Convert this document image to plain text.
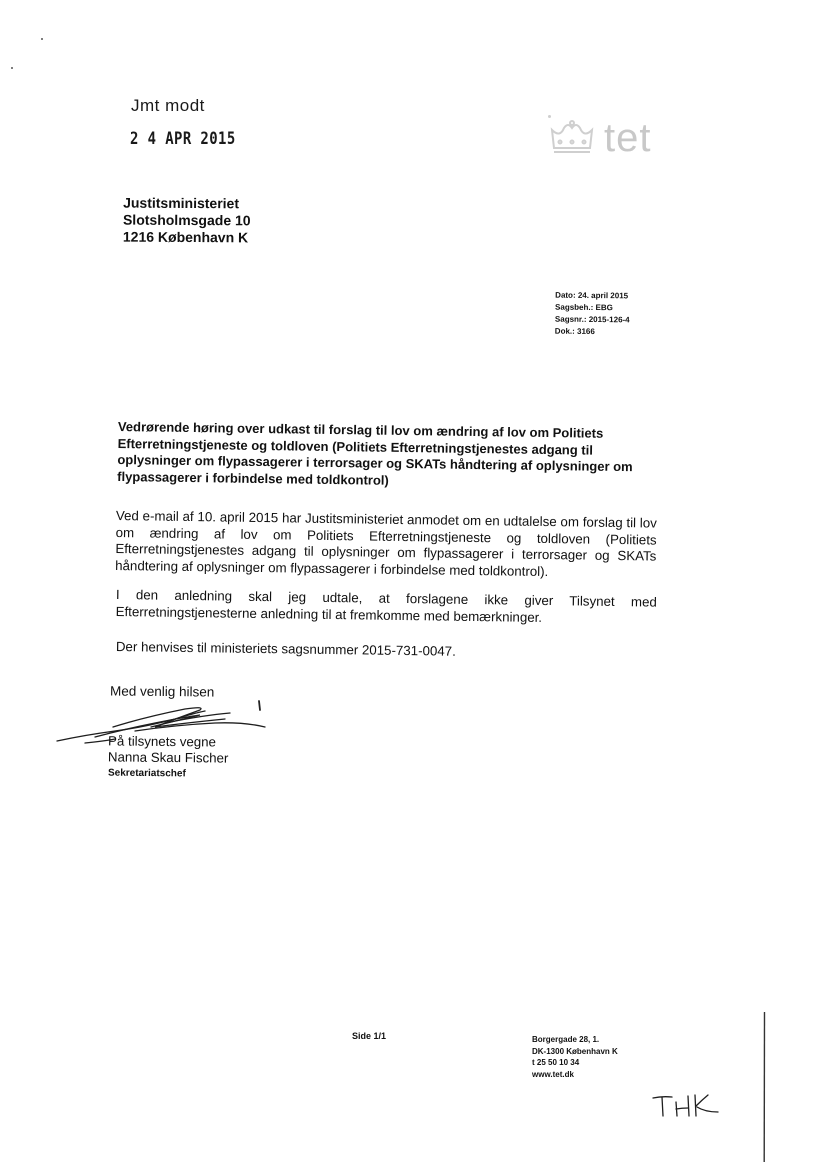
Jmt modt
2 4 APR 2015	tet
Justitsministeriet
Slotsholmsgade 10
1216 København K
Dato: 24. april 2015
Sagsbeh.: EBG
Sagsnr.: 2015-126-4
Dok.: 3166
Vedrørende høring over udkast til forslag til lov om ændring af lov om Politiets Efterretningstjeneste og toldloven (Politiets Efterretningstjenestes adgang til oplysninger om flypassagerer i terrorsager og SKATs håndtering af oplysninger om flypassagerer i forbindelse med toldkontrol)
Ved e-mail af 10. april 2015 har Justitsministeriet anmodet om en udtalelse om forslag til lov om ændring af lov om Politiets Efterretningstjeneste og toldloven (Politiets Efterretningstjenestes adgang til oplysninger om flypassagerer i terrorsager og SKATs håndtering af oplysninger om flypassagerer i forbindelse med toldkontrol).
I den anledning skal jeg udtale, at forslagene ikke giver Tilsynet med Efterretningstjenesterne anledning til at fremkomme med bemærkninger.
Der henvises til ministeriets sagsnummer 2015-731-0047.
Med venlig hilsen
På tilsynets vegne
Nanna Skau Fischer
Sekretariatschef
Side 1/1	Borgergade 28, 1.
DK-1300 København K
t 25 50 10 34
www.tet.dk
